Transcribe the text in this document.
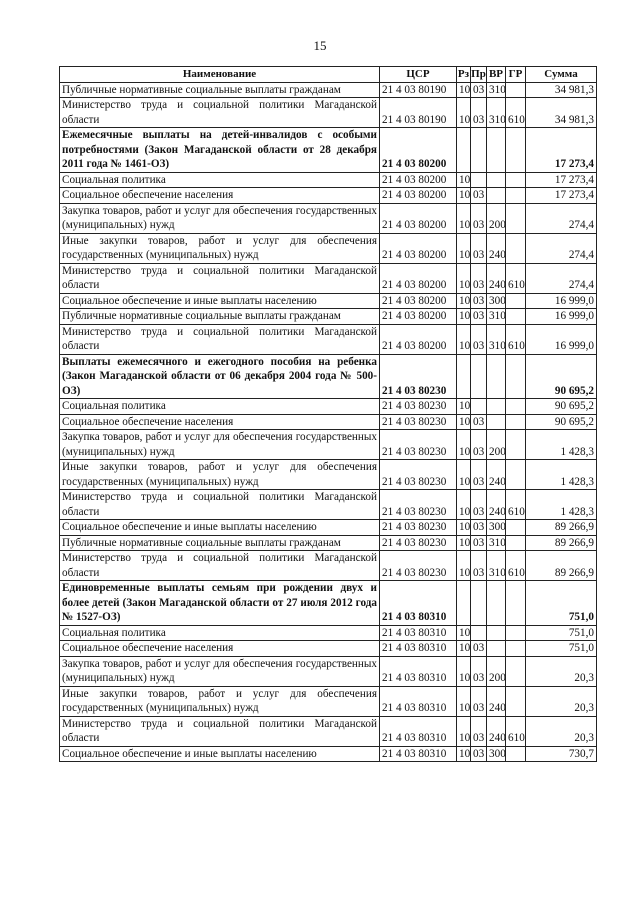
15
Наименование	ЦСР	Рз	Пр	ВР	ГР	Сумма
Публичные нормативные социальные выплаты гражданам	21 4 03 80190	10	03	310		34 981,3
Министерство труда и социальной политики Магаданской области	21 4 03 80190	10	03	310	610	34 981,3
Ежемесячные выплаты на детей-инвалидов с особыми потребностями (Закон Магаданской области от 28 декабря 2011 года № 1461-ОЗ)	21 4 03 80200					17 273,4
Социальная политика	21 4 03 80200	10				17 273,4
Социальное обеспечение населения	21 4 03 80200	10	03			17 273,4
Закупка товаров, работ и услуг для обеспечения государственных (муниципальных) нужд	21 4 03 80200	10	03	200		274,4
Иные закупки товаров, работ и услуг для обеспечения государственных (муниципальных) нужд	21 4 03 80200	10	03	240		274,4
Министерство труда и социальной политики Магаданской области	21 4 03 80200	10	03	240	610	274,4
Социальное обеспечение и иные выплаты населению	21 4 03 80200	10	03	300		16 999,0
Публичные нормативные социальные выплаты гражданам	21 4 03 80200	10	03	310		16 999,0
Министерство труда и социальной политики Магаданской области	21 4 03 80200	10	03	310	610	16 999,0
Выплаты ежемесячного и ежегодного пособия на ребенка (Закон Магаданской области от 06 декабря 2004 года № 500-ОЗ)	21 4 03 80230					90 695,2
Социальная политика	21 4 03 80230	10				90 695,2
Социальное обеспечение населения	21 4 03 80230	10	03			90 695,2
Закупка товаров, работ и услуг для обеспечения государственных (муниципальных) нужд	21 4 03 80230	10	03	200		1 428,3
Иные закупки товаров, работ и услуг для обеспечения государственных (муниципальных) нужд	21 4 03 80230	10	03	240		1 428,3
Министерство труда и социальной политики Магаданской области	21 4 03 80230	10	03	240	610	1 428,3
Социальное обеспечение и иные выплаты населению	21 4 03 80230	10	03	300		89 266,9
Публичные нормативные социальные выплаты гражданам	21 4 03 80230	10	03	310		89 266,9
Министерство труда и социальной политики Магаданской области	21 4 03 80230	10	03	310	610	89 266,9
Единовременные выплаты семьям при рождении двух и более детей (Закон Магаданской области от 27 июля 2012 года № 1527-ОЗ)	21 4 03 80310					751,0
Социальная политика	21 4 03 80310	10				751,0
Социальное обеспечение населения	21 4 03 80310	10	03			751,0
Закупка товаров, работ и услуг для обеспечения государственных (муниципальных) нужд	21 4 03 80310	10	03	200		20,3
Иные закупки товаров, работ и услуг для обеспечения государственных (муниципальных) нужд	21 4 03 80310	10	03	240		20,3
Министерство труда и социальной политики Магаданской области	21 4 03 80310	10	03	240	610	20,3
Социальное обеспечение и иные выплаты населению	21 4 03 80310	10	03	300		730,7
